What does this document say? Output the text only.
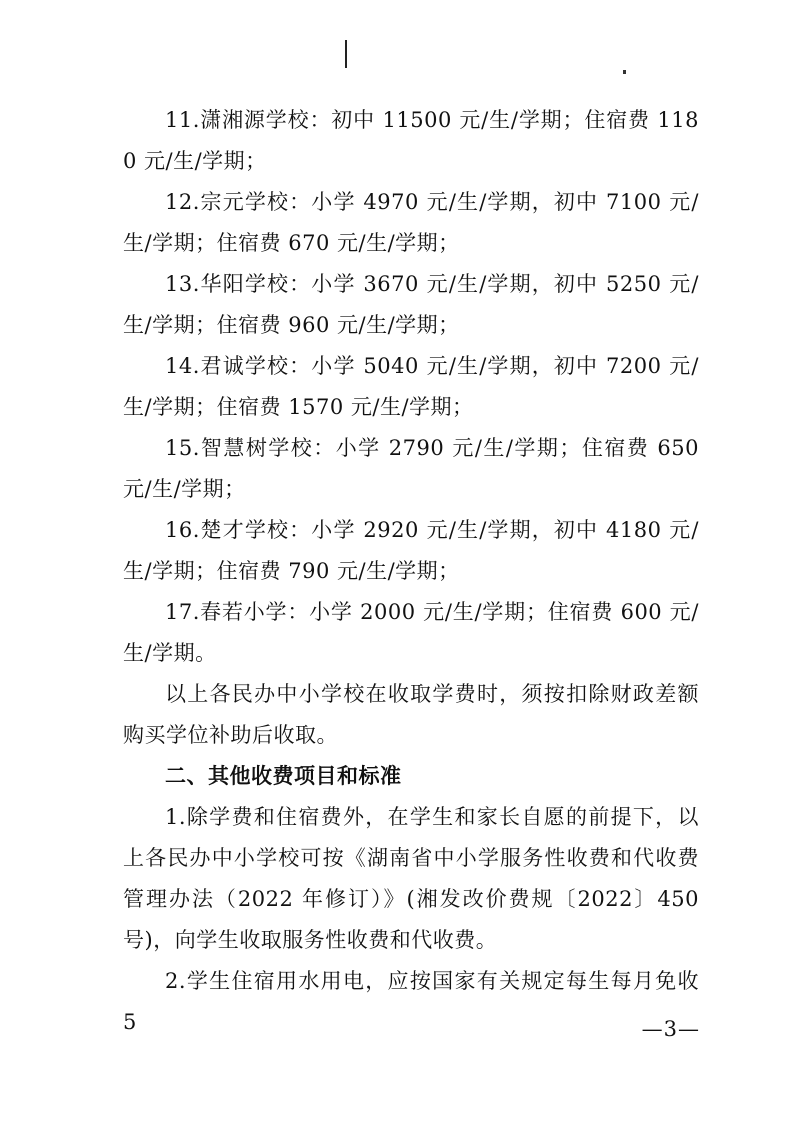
11.潇湘源学校：初中 11500 元/生/学期；住宿费 1180 元/生/学期；

12.宗元学校：小学 4970 元/生/学期，初中 7100 元/生/学期；住宿费 670 元/生/学期；

13.华阳学校：小学 3670 元/生/学期，初中 5250 元/生/学期；住宿费 960 元/生/学期；

14.君诚学校：小学 5040 元/生/学期，初中 7200 元/生/学期；住宿费 1570 元/生/学期；

15.智慧树学校：小学 2790 元/生/学期；住宿费 650 元/生/学期；

16.楚才学校：小学 2920 元/生/学期，初中 4180 元/生/学期；住宿费 790 元/生/学期；

17.春若小学：小学 2000 元/生/学期；住宿费 600 元/生/学期。

以上各民办中小学校在收取学费时，须按扣除财政差额购买学位补助后收取。

二、其他收费项目和标准

1.除学费和住宿费外，在学生和家长自愿的前提下，以上各民办中小学校可按《湖南省中小学服务性收费和代收费管理办法（2022 年修订）》(湘发改价费规〔2022〕450 号)，向学生收取服务性收费和代收费。

2.学生住宿用水用电，应按国家有关规定每生每月免收 5	—3—
